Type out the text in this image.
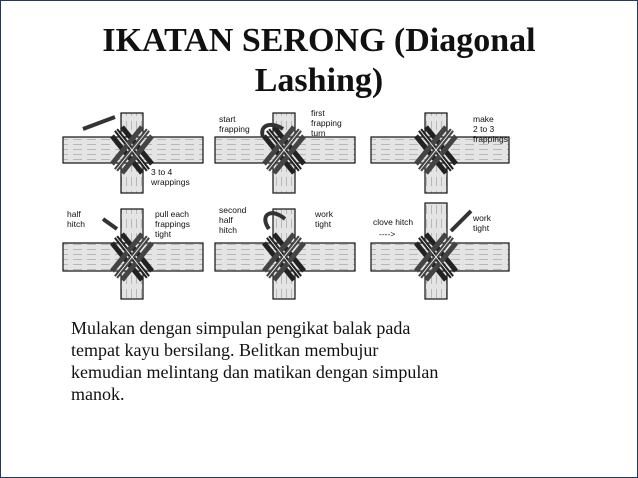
IKATAN SERONG (Diagonal
Lashing)
3 to 4
wrappings
start
frapping
first
frapping
turn
make
2 to 3
frappings
half
hitch
pull each
frappings
tight
second
half
hitch
work
tight	clove hitch
---->
work
tight
Mulakan dengan simpulan pengikat balak pada
tempat kayu bersilang. Belitkan membujur
kemudian melintang dan matikan dengan simpulan
manok.
